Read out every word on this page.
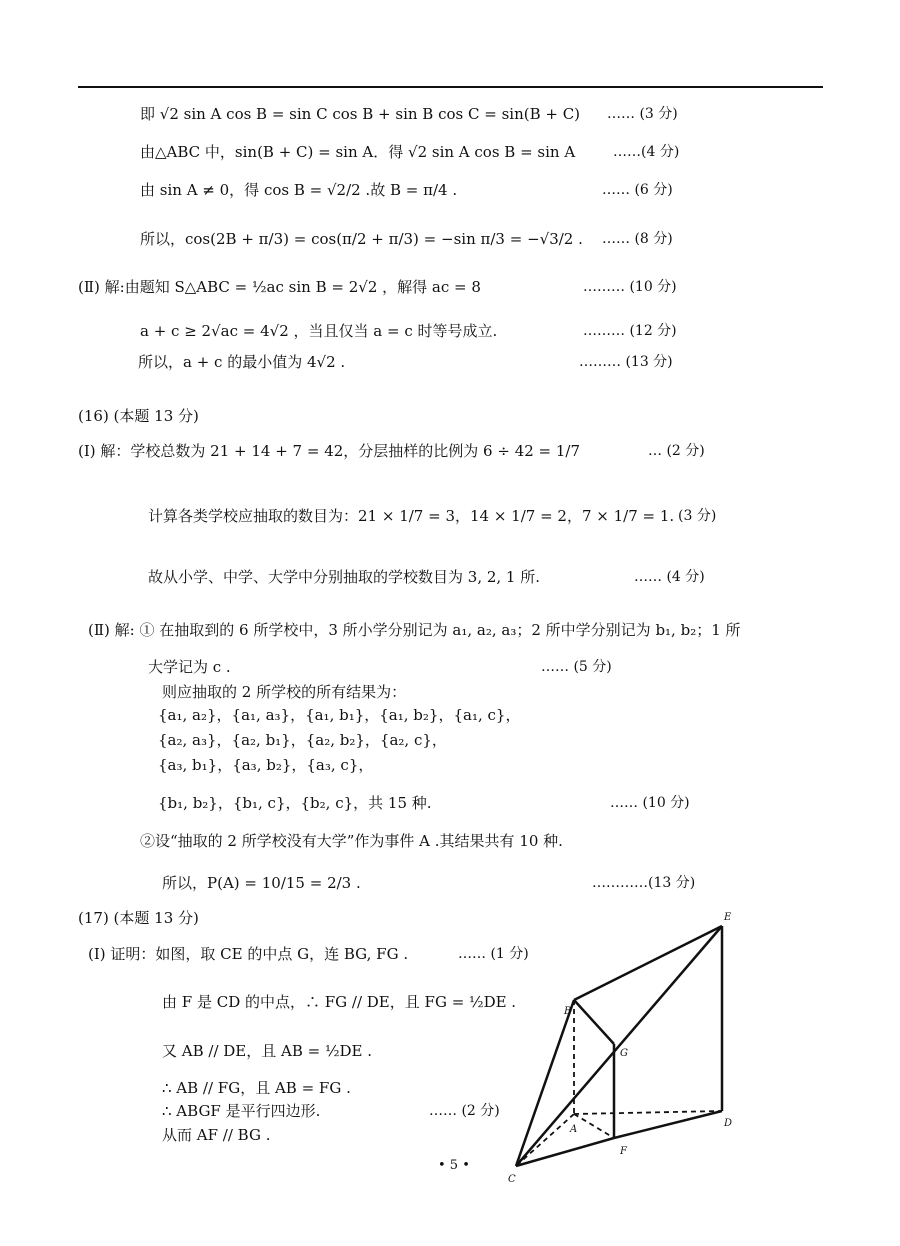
即 √2 sin A cos B = sin C cos B + sin B cos C = sin(B + C) …… (3 分)
由△ABC 中，sin(B + C) = sin A．得 √2 sin A cos B = sin A	……(4 分)
由 sin A ≠ 0，得 cos B = √2/2 .故 B = π/4 .	…… (6 分)
所以，cos(2B + π/3) = cos(π/2 + π/3) = −sin π/3 = −√3/2 . …… (8 分)
(Ⅱ) 解:由题知 S△ABC = ½ac sin B = 2√2 ，解得 ac = 8	……… (10 分)
a + c ≥ 2√ac = 4√2 ，当且仅当 a = c 时等号成立.	……… (12 分)
所以，a + c 的最小值为 4√2 .	……… (13 分)
(16) (本题 13 分)
(Ⅰ) 解：学校总数为 21 + 14 + 7 = 42，分层抽样的比例为 6 ÷ 42 = 1/7	… (2 分)
计算各类学校应抽取的数目为：21 × 1/7 = 3，14 × 1/7 = 2，7 × 1/7 = 1. (3 分)
故从小学、中学、大学中分别抽取的学校数目为 3, 2, 1 所.	…… (4 分)
(Ⅱ) 解: ① 在抽取到的 6 所学校中，3 所小学分别记为 a₁, a₂, a₃；2 所中学分别记为 b₁, b₂；1 所
大学记为 c .	…… (5 分)
则应抽取的 2 所学校的所有结果为：
{a₁, a₂}，{a₁, a₃}，{a₁, b₁}，{a₁, b₂}，{a₁, c}，
{a₂, a₃}，{a₂, b₁}，{a₂, b₂}，{a₂, c}，
{a₃, b₁}，{a₃, b₂}，{a₃, c}，
{b₁, b₂}，{b₁, c}，{b₂, c}，共 15 种.	…… (10 分)
②设“抽取的 2 所学校没有大学”作为事件 A .其结果共有 10 种.
所以，P(A) = 10/15 = 2/3 .	…………(13 分)
(17) (本题 13 分)
(Ⅰ) 证明：如图，取 CE 的中点 G，连 BG, FG .	…… (1 分)
由 F 是 CD 的中点，∴ FG // DE，且 FG = ½DE .
又 AB // DE，且 AB = ½DE .
∴ AB // FG，且 AB = FG .
∴ ABGF 是平行四边形.	…… (2 分)
从而 AF // BG .
E
B
G
A
D
F
C
• 5 •
